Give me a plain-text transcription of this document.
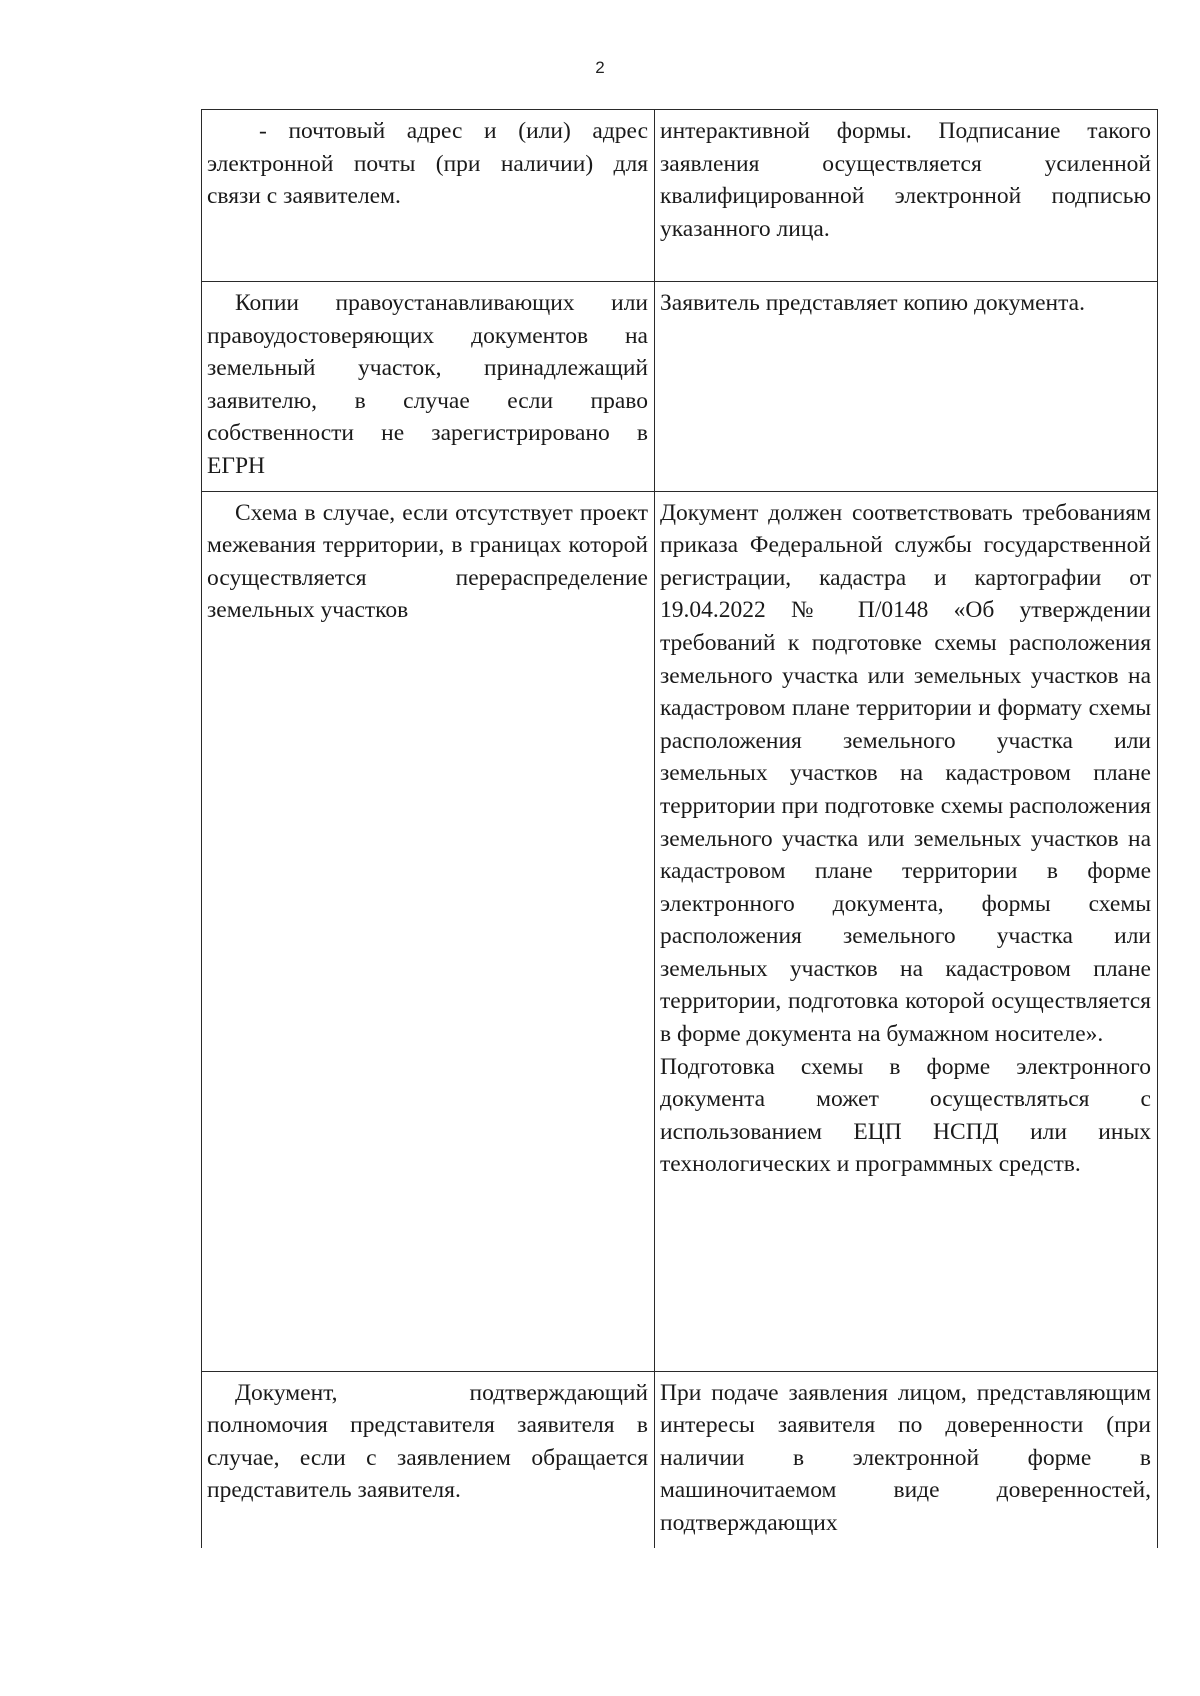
2
- почтовый адрес и (или) адрес электронной почты (при наличии) для связи с заявителем.	интерактивной формы. Подписание такого заявления осуществляется усиленной квалифицированной электронной подписью указанного лица.

Копии правоустанавливающих или правоудостоверяющих документов на земельный участок, принадлежащий заявителю, в случае если право собственности не зарегистрировано в ЕГРН	Заявитель представляет копию документа.

Схема в случае, если отсутствует проект межевания территории, в границах которой осуществляется перераспределение земельных участков	Документ должен соответствовать требованиям приказа Федеральной службы государственной регистрации, кадастра и картографии от 19.04.2022 № П/0148 «Об утверждении требований к подготовке схемы расположения земельного участка или земельных участков на кадастровом плане территории и формату схемы расположения земельного участка или земельных участков на кадастровом плане территории при подготовке схемы расположения земельного участка или земельных участков на кадастровом плане территории в форме электронного документа, формы схемы расположения земельного участка или земельных участков на кадастровом плане территории, подготовка которой осуществляется в форме документа на бумажном носителе».
Подготовка схемы в форме электронного документа может осуществляться с использованием ЕЦП НСПД или иных технологических и программных средств.

Документ, подтверждающий полномочия представителя заявителя в случае, если с заявлением обращается представитель заявителя.	При подаче заявления лицом, представляющим интересы заявителя по доверенности (при наличии в электронной форме в машиночитаемом виде доверенностей, подтверждающих
